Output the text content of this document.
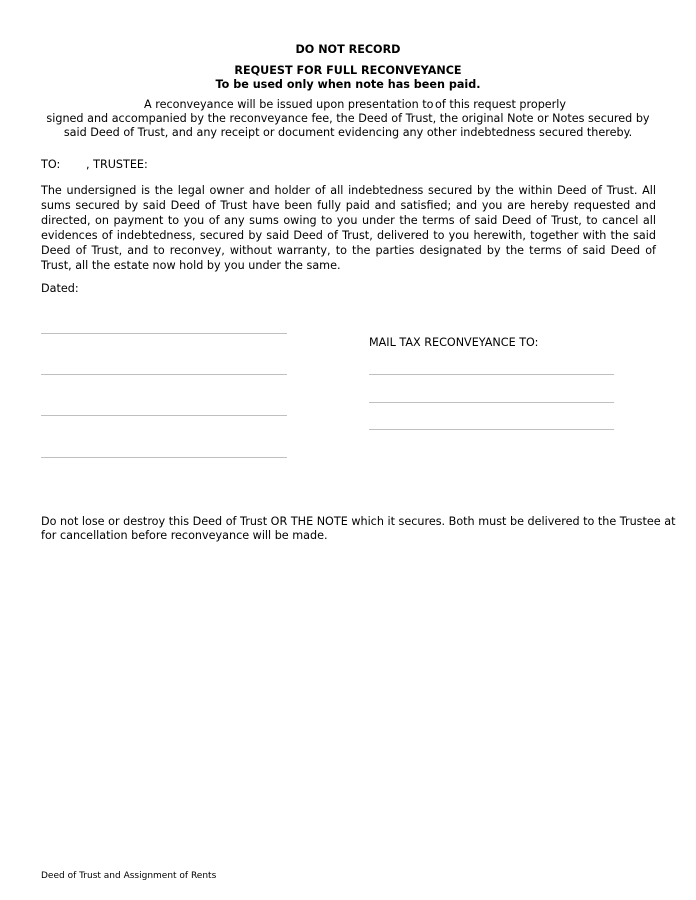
DO NOT RECORD
REQUEST FOR FULL RECONVEYANCE
To be used only when note has been paid.
A reconveyance will be issued upon presentation to of this request properly
signed and accompanied by the reconveyance fee, the Deed of Trust, the original Note or Notes secured by
said Deed of Trust, and any receipt or document evidencing any other indebtedness secured thereby.
TO: , TRUSTEE:
The undersigned is the legal owner and holder of all indebtedness secured by the within Deed of Trust. All sums secured by said Deed of Trust have been fully paid and satisfied; and you are hereby requested and directed, on payment to you of any sums owing to you under the terms of said Deed of Trust, to cancel all evidences of indebtedness, secured by said Deed of Trust, delivered to you herewith, together with the said Deed of Trust, and to reconvey, without warranty, to the parties designated by the terms of said Deed of Trust, all the estate now hold by you under the same.
Dated:
MAIL TAX RECONVEYANCE TO:
Do not lose or destroy this Deed of Trust OR THE NOTE which it secures. Both must be delivered to the Trustee at
for cancellation before reconveyance will be made.
Deed of Trust and Assignment of Rents
